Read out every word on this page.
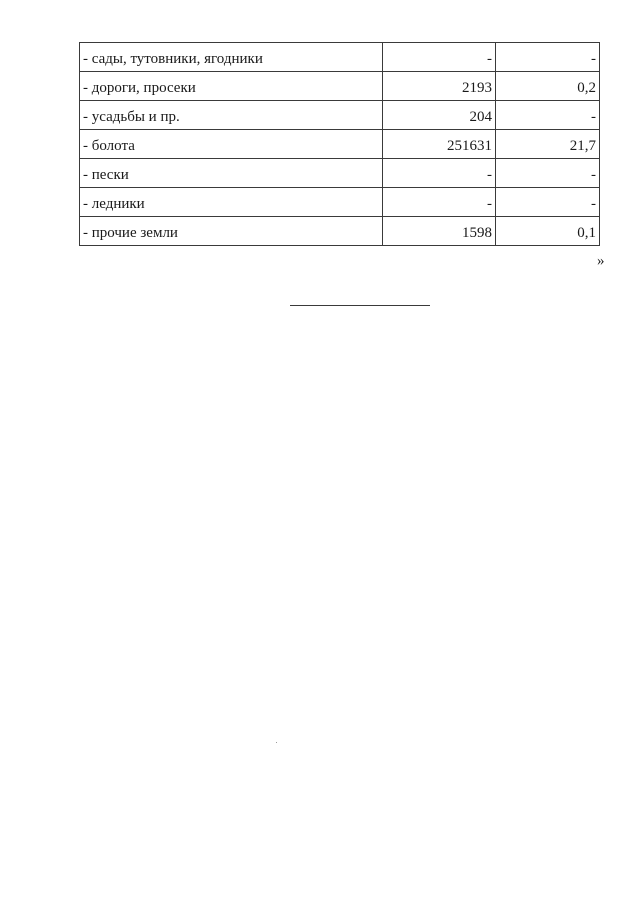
- сады, тутовники, ягодники	-	-
- дороги, просеки	2193	0,2
- усадьбы и пр.	204	-
- болота	251631	21,7
- пески	-	-
- ледники	-	-
- прочие земли	1598	0,1
»
